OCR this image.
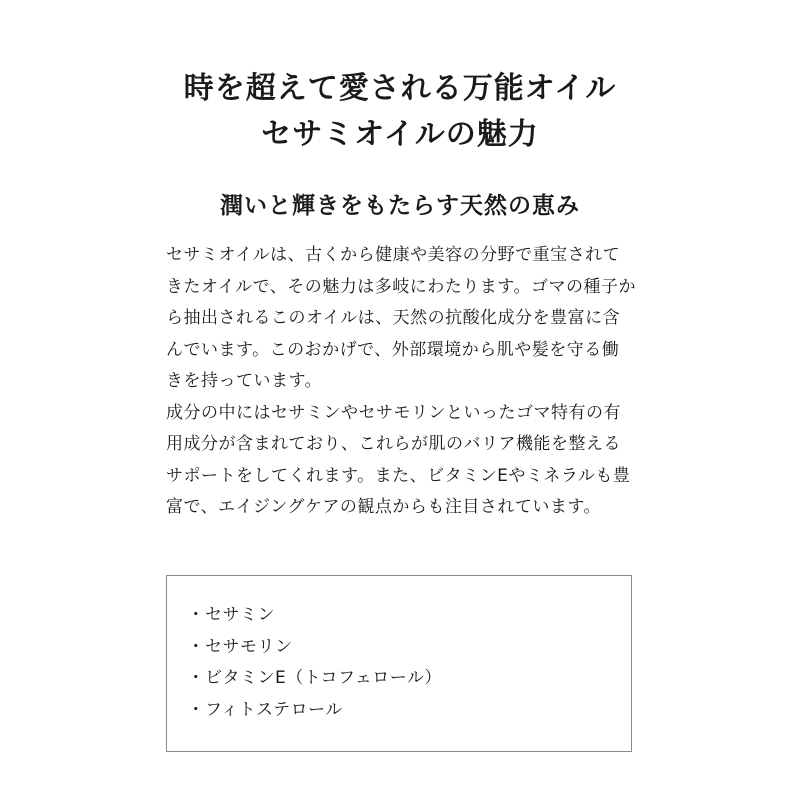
時を超えて愛される万能オイル
セサミオイルの魅力
潤いと輝きをもたらす天然の恵み

セサミオイルは、古くから健康や美容の分野で重宝されてきたオイルで、その魅力は多岐にわたります。ゴマの種子から抽出されるこのオイルは、天然の抗酸化成分を豊富に含んでいます。このおかげで、外部環境から肌や髪を守る働きを持っています。

成分の中にはセサミンやセサモリンといったゴマ特有の有用成分が含まれており、これらが肌のバリア機能を整えるサポートをしてくれます。また、ビタミンEやミネラルも豊富で、エイジングケアの観点からも注目されています。

・セサミン
・セサモリン
・ビタミンE（トコフェロール）
・フィトステロール
